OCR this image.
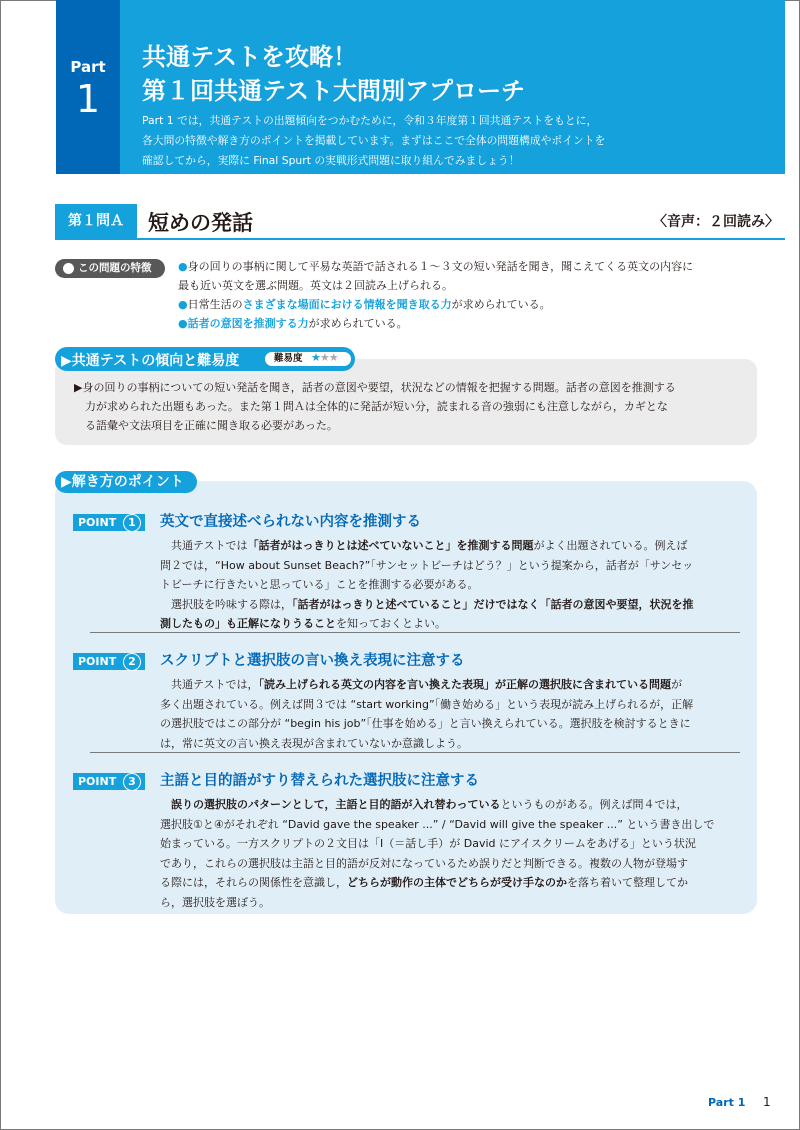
Part
1
共通テストを攻略！
第１回共通テスト大問別アプローチ
Part 1 では，共通テストの出題傾向をつかむために，令和３年度第１回共通テストをもとに，
各大問の特徴や解き方のポイントを掲載しています。まずはここで全体の問題構成やポイントを
確認してから，実際に Final Spurt の実戦形式問題に取り組んでみましょう！
第１問Ａ	短めの発話	〈音声：２回読み〉
この問題の特徴 ●身の回りの事柄に関して平易な英語で話される１～３文の短い発話を聞き，聞こえてくる英文の内容に
最も近い英文を選ぶ問題。英文は２回読み上げられる。
●日常生活のさまざまな場面における情報を聞き取る力が求められている。
●話者の意図を推測する力が求められている。
▶共通テストの傾向と難易度	難易度 ★★★
▶身の回りの事柄についての短い発話を聞き，話者の意図や要望，状況などの情報を把握する問題。話者の意図を推測する
　力が求められた出題もあった。また第１問Ａは全体的に発話が短い分，読まれる音の強弱にも注意しながら，カギとな
　る語彙や文法項目を正確に聞き取る必要があった。
▶解き方のポイント
POINT	1	英文で直接述べられない内容を推測する
　共通テストでは「話者がはっきりとは述べていないこと」を推測する問題がよく出題されている。例えば
問２では，“How about Sunset Beach?”「サンセットビーチはどう？」という提案から，話者が「サンセッ
トビーチに行きたいと思っている」ことを推測する必要がある。
　選択肢を吟味する際は，「話者がはっきりと述べていること」だけではなく「話者の意図や要望，状況を推
測したもの」も正解になりうることを知っておくとよい。
POINT	2	スクリプトと選択肢の言い換え表現に注意する
　共通テストでは，「読み上げられる英文の内容を言い換えた表現」が正解の選択肢に含まれている問題が
多く出題されている。例えば問３では “start working”「働き始める」という表現が読み上げられるが，正解
の選択肢ではこの部分が “begin his job”「仕事を始める」と言い換えられている。選択肢を検討するときに
は，常に英文の言い換え表現が含まれていないか意識しよう。
POINT	3	主語と目的語がすり替えられた選択肢に注意する
　誤りの選択肢のパターンとして，主語と目的語が入れ替わっているというものがある。例えば問４では，
選択肢①と④がそれぞれ “David gave the speaker ...” / “David will give the speaker ...” という書き出しで
始まっている。一方スクリプトの２文目は「I（＝話し手）が David にアイスクリームをあげる」という状況
であり，これらの選択肢は主語と目的語が反対になっているため誤りだと判断できる。複数の人物が登場す
る際には，それらの関係性を意識し，どちらが動作の主体でどちらが受け手なのかを落ち着いて整理してか
ら，選択肢を選ぼう。
Part 1 1
